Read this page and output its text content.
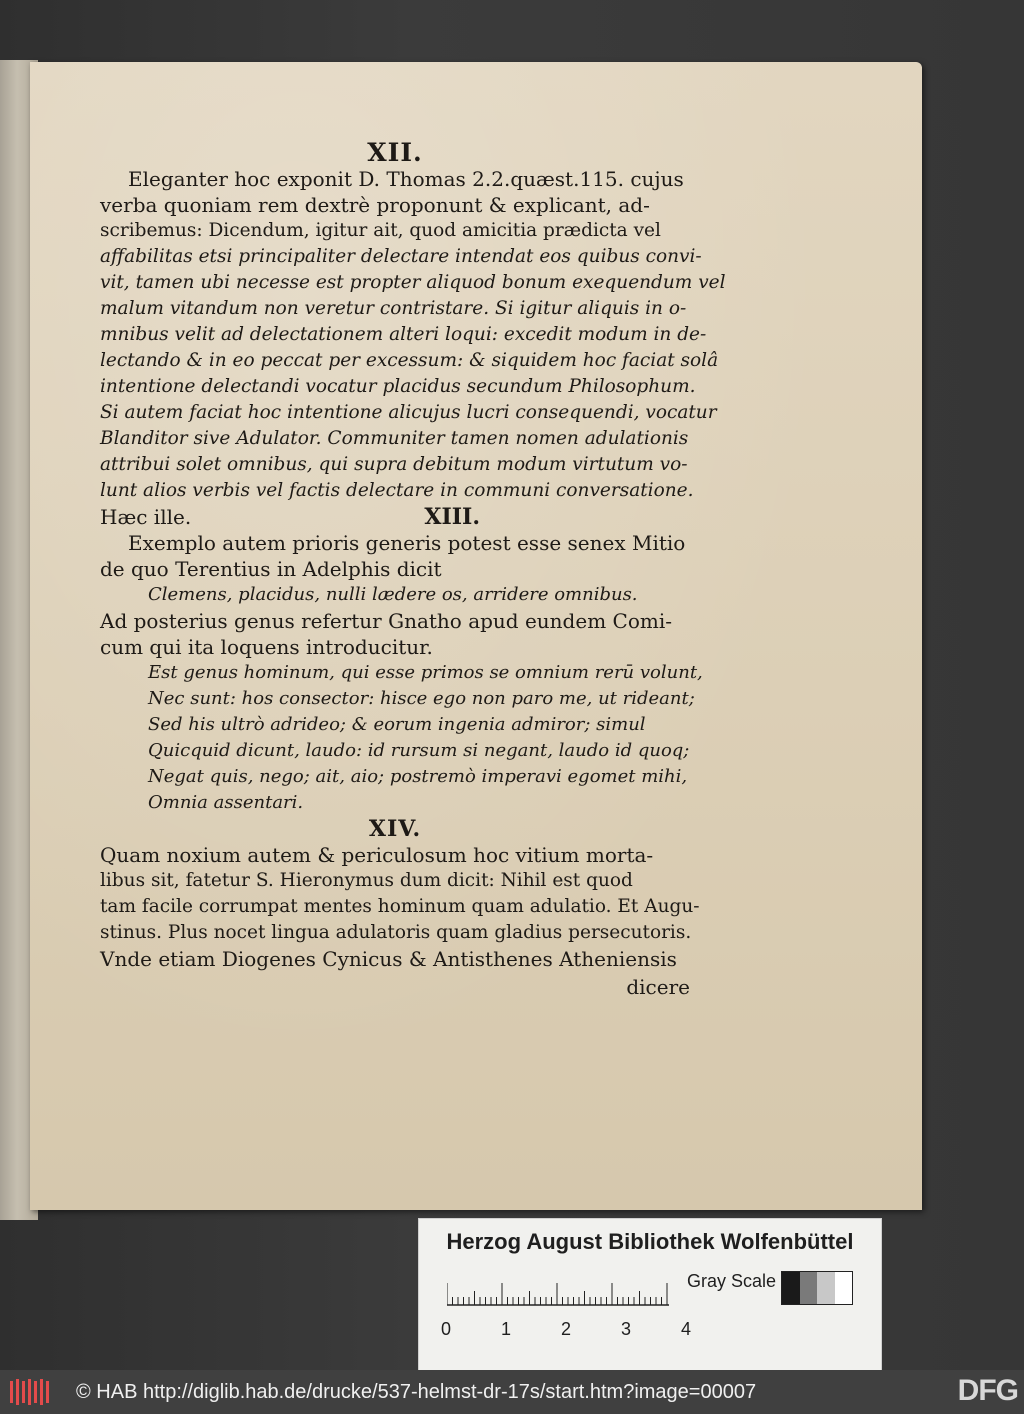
XII.

Eleganter hoc exponit D. Thomas 2.2.quæst.115. cujus
verba quoniam rem dextrè proponunt & explicant, ad-
scribemus: Dicendum, igitur ait, quod amicitia prædicta vel
affabilitas etsi principaliter delectare intendat eos quibus convi-
vit, tamen ubi necesse est propter aliquod bonum exequendum vel
malum vitandum non veretur contristare. Si igitur aliquis in o-
mnibus velit ad delectationem alteri loqui: excedit modum in de-
lectando & in eo peccat per excessum: & siquidem hoc faciat solâ
intentione delectandi vocatur placidus secundum Philosophum.
Si autem faciat hoc intentione alicujus lucri consequendi, vocatur
Blanditor sive Adulator. Communiter tamen nomen adulationis
attribui solet omnibus, qui supra debitum modum virtutum vo-
lunt alios verbis vel factis delectare in communi conversatione.
Hæc ille.	XIII.
Exemplo autem prioris generis potest esse senex Mitio
de quo Terentius in Adelphis dicit
Clemens, placidus, nulli lædere os, arridere omnibus.
Ad posterius genus refertur Gnatho apud eundem Comi-
cum qui ita loquens introducitur.
Est genus hominum, qui esse primos se omnium rerū volunt,
Nec sunt: hos consector: hisce ego non paro me, ut rideant;
Sed his ultrò adrideo; & eorum ingenia admiror; simul
Quicquid dicunt, laudo: id rursum si negant, laudo id quoq;
Negat quis, nego; ait, aio; postremò imperavi egomet mihi,
Omnia assentari.

XIV.

Quam noxium autem & periculosum hoc vitium morta-
libus sit, fatetur S. Hieronymus dum dicit: Nihil est quod
tam facile corrumpat mentes hominum quam adulatio. Et Augu-
stinus. Plus nocet lingua adulatoris quam gladius persecutoris.
Vnde etiam Diogenes Cynicus & Antisthenes Atheniensis
dicere
Herzog August Bibliothek Wolfenbüttel
0	1	2	3	4
Gray Scale
© HAB http://diglib.hab.de/drucke/537-helmst-dr-17s/start.htm?image=00007	DFG
